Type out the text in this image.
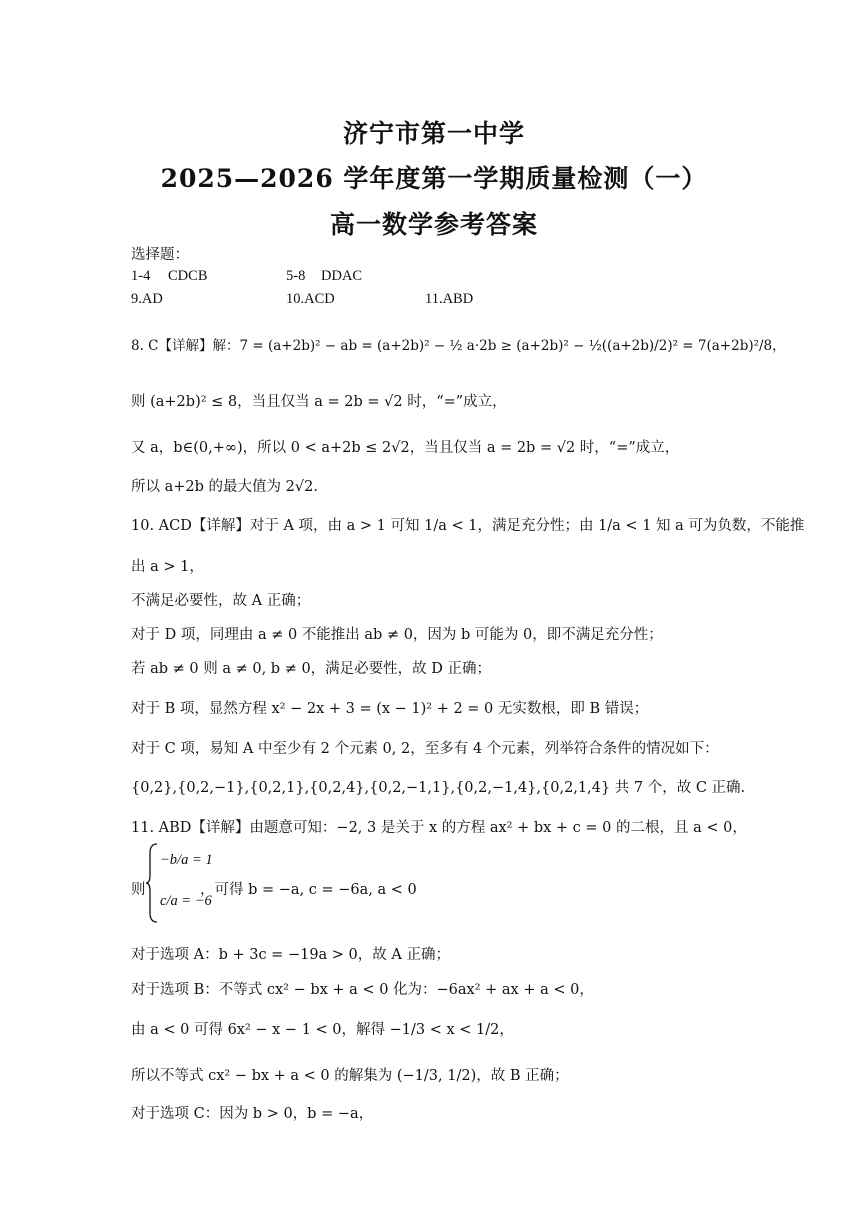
济宁市第一中学
2025—2026 学年度第一学期质量检测（一）
高一数学参考答案
选择题：
1-4 CDCB	5-8 DDAC
9.AD	10.ACD	11.ABD
8. C【详解】解：7 = (a+2b)² − ab = (a+2b)² − ½ a·2b ≥ (a+2b)² − ½((a+2b)/2)² = 7(a+2b)²/8，
则 (a+2b)² ≤ 8，当且仅当 a = 2b = √2 时，“=”成立，
又 a，b∈(0,+∞)，所以 0 < a+2b ≤ 2√2，当且仅当 a = 2b = √2 时，“=”成立，
所以 a+2b 的最大值为 2√2.
10. ACD【详解】对于 A 项，由 a > 1 可知 1/a < 1，满足充分性；由 1/a < 1 知 a 可为负数，不能推
出 a > 1，
不满足必要性，故 A 正确；
对于 D 项，同理由 a ≠ 0 不能推出 ab ≠ 0，因为 b 可能为 0，即不满足充分性；
若 ab ≠ 0 则 a ≠ 0, b ≠ 0，满足必要性，故 D 正确；
对于 B 项，显然方程 x² − 2x + 3 = (x − 1)² + 2 = 0 无实数根，即 B 错误；
对于 C 项，易知 A 中至少有 2 个元素 0, 2，至多有 4 个元素，列举符合条件的情况如下：
{0,2},{0,2,−1},{0,2,1},{0,2,4},{0,2,−1,1},{0,2,−1,4},{0,2,1,4} 共 7 个，故 C 正确.
11. ABD【详解】由题意可知：−2, 3 是关于 x 的方程 ax² + bx + c = 0 的二根，且 a < 0，
则
−b/a = 1
c/a = −6
，可得 b = −a, c = −6a, a < 0
对于选项 A：b + 3c = −19a > 0，故 A 正确；
对于选项 B：不等式 cx² − bx + a < 0 化为：−6ax² + ax + a < 0，
由 a < 0 可得 6x² − x − 1 < 0，解得 −1/3 < x < 1/2，
所以不等式 cx² − bx + a < 0 的解集为 (−1/3, 1/2)，故 B 正确；
对于选项 C：因为 b > 0，b = −a，
